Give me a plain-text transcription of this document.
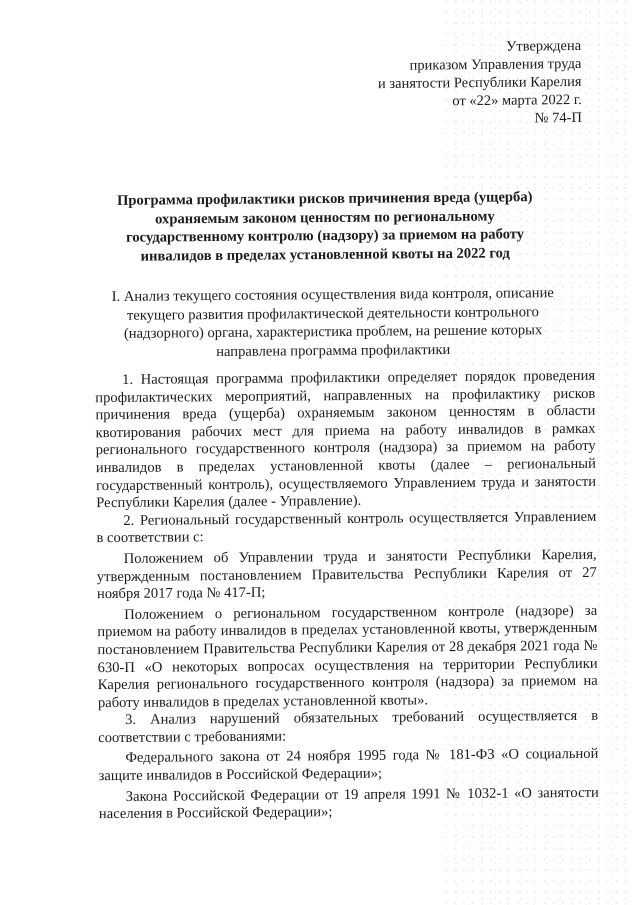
Утверждена
приказом Управления труда
и занятости Республики Карелия
от «22» марта 2022 г.
№ 74-П
Программа профилактики рисков причинения вреда (ущерба) охраняемым законом ценностям по региональному государственному контролю (надзору) за приемом на работу инвалидов в пределах установленной квоты на 2022 год
I. Анализ текущего состояния осуществления вида контроля, описание текущего развития профилактической деятельности контрольного (надзорного) органа, характеристика проблем, на решение которых направлена программа профилактики

1. Настоящая программа профилактики определяет порядок проведения профилактических мероприятий, направленных на профилактику рисков причинения вреда (ущерба) охраняемым законом ценностям в области квотирования рабочих мест для приема на работу инвалидов в рамках регионального государственного контроля (надзора) за приемом на работу инвалидов в пределах установленной квоты (далее – региональный государственный контроль), осуществляемого Управлением труда и занятости Республики Карелия (далее - Управление).

2. Региональный государственный контроль осуществляется Управлением в соответствии с:

Положением об Управлении труда и занятости Республики Карелия, утвержденным постановлением Правительства Республики Карелия от 27 ноября 2017 года № 417-П;

Положением о региональном государственном контроле (надзоре) за приемом на работу инвалидов в пределах установленной квоты, утвержденным постановлением Правительства Республики Карелия от 28 декабря 2021 года № 630-П «О некоторых вопросах осуществления на территории Республики Карелия регионального государственного контроля (надзора) за приемом на работу инвалидов в пределах установленной квоты».

3. Анализ нарушений обязательных требований осуществляется в соответствии с требованиями:

Федерального закона от 24 ноября 1995 года № 181-ФЗ «О социальной защите инвалидов в Российской Федерации»;

Закона Российской Федерации от 19 апреля 1991 № 1032-1 «О занятости населения в Российской Федерации»;
